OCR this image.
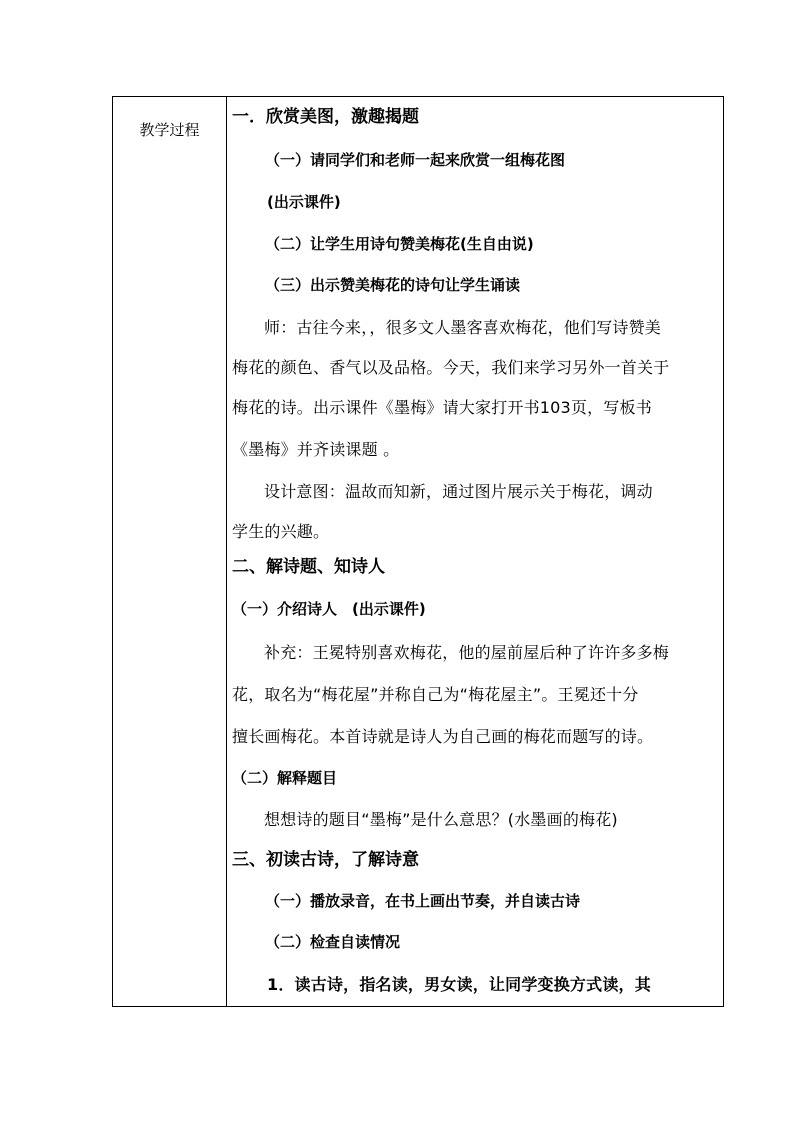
教学过程
一．欣赏美图，激趣揭题
（一）请同学们和老师一起来欣赏一组梅花图
(出示课件)
（二）让学生用诗句赞美梅花(生自由说)
（三）出示赞美梅花的诗句让学生诵读
师：古往今来，，很多文人墨客喜欢梅花，他们写诗赞美
梅花的颜色、香气以及品格。今天，我们来学习另外一首关于
梅花的诗。出示课件《墨梅》请大家打开书103页，写板书
《墨梅》并齐读课题 。
设计意图：温故而知新，通过图片展示关于梅花，调动
学生的兴趣。
二、解诗题、知诗人
（一）介绍诗人　(出示课件)
补充：王冕特别喜欢梅花，他的屋前屋后种了许许多多梅
花，取名为“梅花屋”并称自己为“梅花屋主”。王冕还十分
擅长画梅花。本首诗就是诗人为自己画的梅花而题写的诗。
（二）解释题目
想想诗的题目“墨梅”是什么意思？(水墨画的梅花)
三、初读古诗，了解诗意
（一）播放录音，在书上画出节奏，并自读古诗
（二）检查自读情况
1．读古诗，指名读，男女读，让同学变换方式读，其
